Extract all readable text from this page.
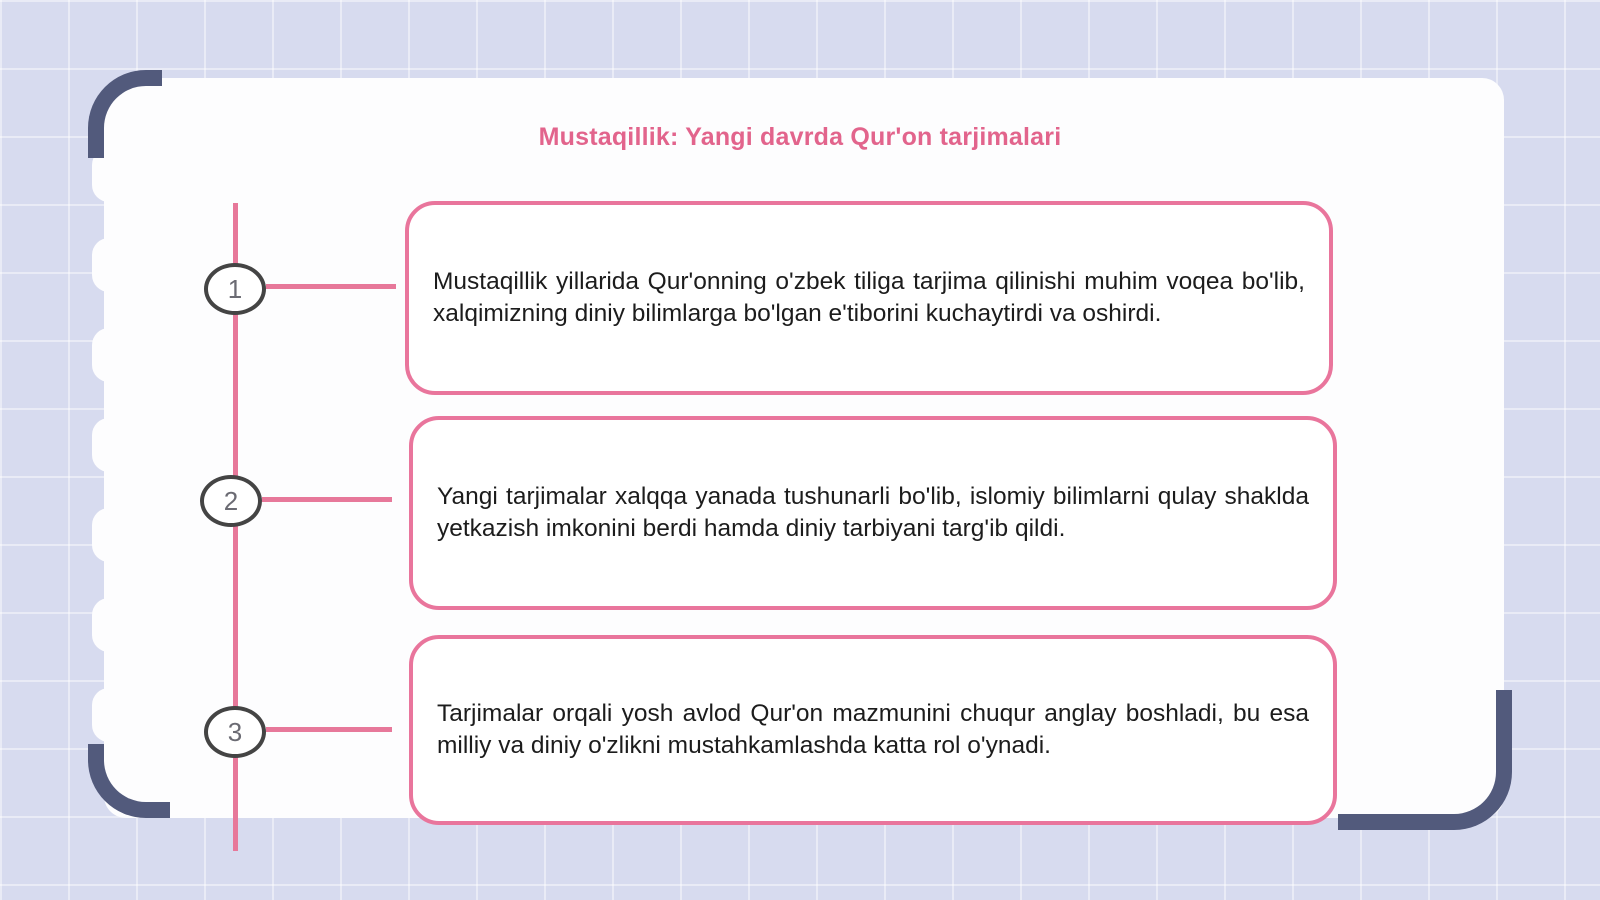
Mustaqillik: Yangi davrda Qur'on tarjimalari
1	Mustaqillik yillarida Qur'onning o'zbek tiliga tarjima qilinishi muhim voqea bo'lib, xalqimizning diniy bilimlarga bo'lgan e'tiborini kuchaytirdi va oshirdi.

2	Yangi tarjimalar xalqqa yanada tushunarli bo'lib, islomiy bilimlarni qulay shaklda yetkazish imkonini berdi hamda diniy tarbiyani targ'ib qildi.

3

Tarjimalar orqali yosh avlod Qur'on mazmunini chuqur anglay boshladi, bu esa milliy va diniy o'zlikni mustahkamlashda katta rol o'ynadi.
